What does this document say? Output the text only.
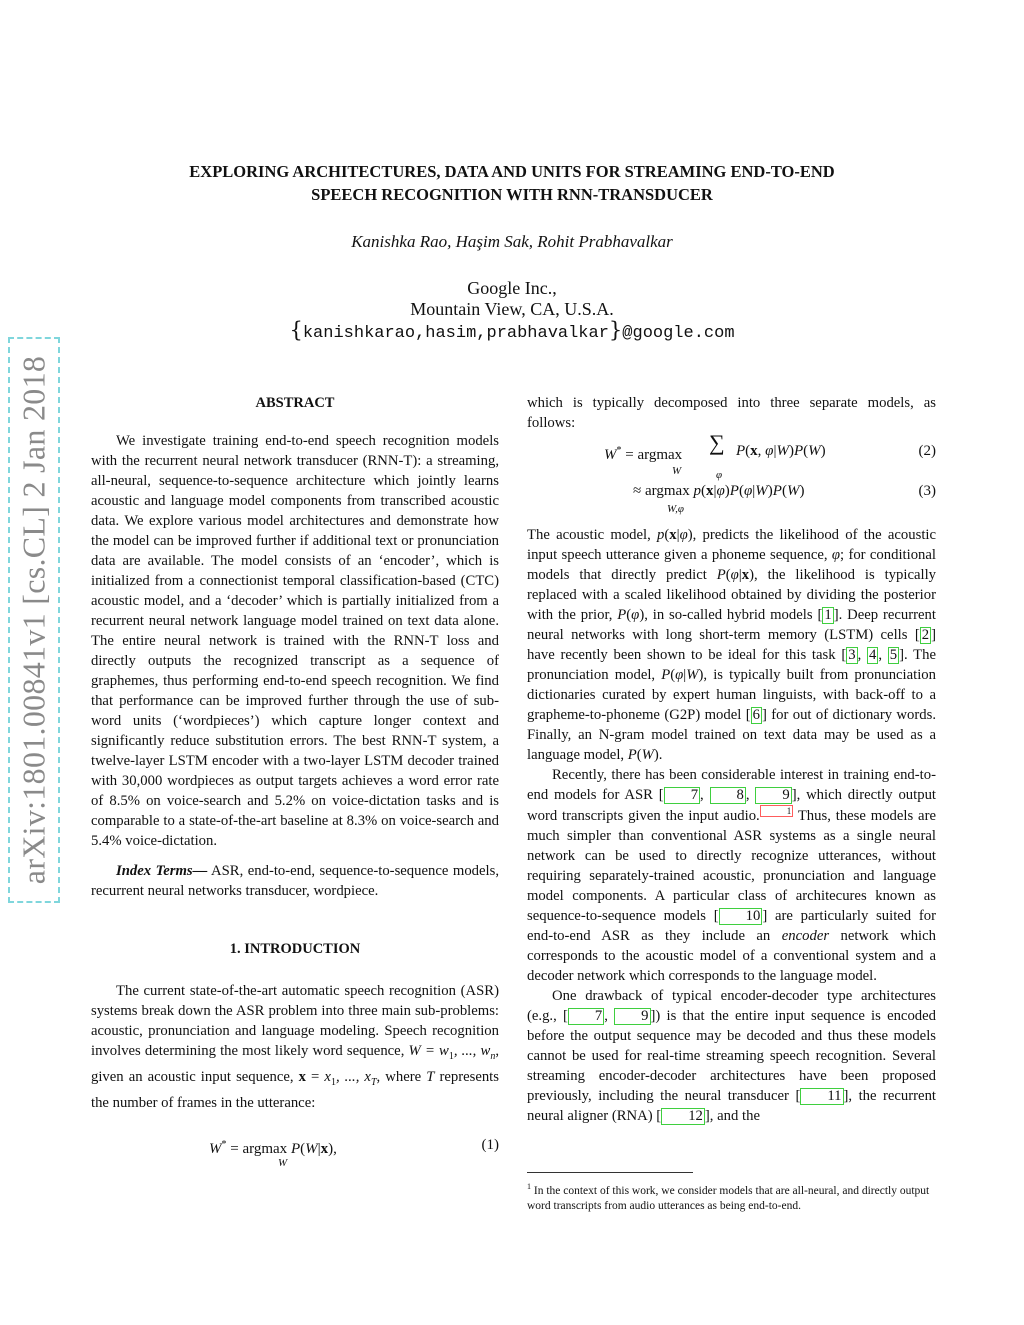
EXPLORING ARCHITECTURES, DATA AND UNITS FOR STREAMING END-TO-END
SPEECH RECOGNITION WITH RNN-TRANSDUCER
Kanishka Rao, Haşim Sak, Rohit Prabhavalkar
Google Inc.,
Mountain View, CA, U.S.A.
{kanishkarao,hasim,prabhavalkar}@google.com
arXiv:1801.00841v1 [cs.CL] 2 Jan 2018	ABSTRACT

We investigate training end-to-end speech recognition models with the recurrent neural network transducer (RNN-T): a streaming, all-neural, sequence-to-sequence architecture which jointly learns acoustic and language model components from transcribed acoustic data. We explore various model architectures and demonstrate how the model can be improved further if additional text or pronunciation data are available. The model consists of an ‘encoder’, which is initialized from a connectionist temporal classification-based (CTC) acoustic model, and a ‘decoder’ which is partially initialized from a recurrent neural network language model trained on text data alone. The entire neural network is trained with the RNN-T loss and directly outputs the recognized transcript as a sequence of graphemes, thus performing end-to-end speech recognition. We find that performance can be improved further through the use of sub-word units (‘wordpieces’) which capture longer context and significantly reduce substitution errors. The best RNN-T system, a twelve-layer LSTM encoder with a two-layer LSTM decoder trained with 30,000 wordpieces as output targets achieves a word error rate of 8.5% on voice-search and 5.2% on voice-dictation tasks and is comparable to a state-of-the-art baseline at 8.3% on voice-search and 5.4% voice-dictation.

Index Terms— ASR, end-to-end, sequence-to-sequence models, recurrent neural networks transducer, wordpiece.

1. INTRODUCTION

The current state-of-the-art automatic speech recognition (ASR) systems break down the ASR problem into three main sub-problems: acoustic, pronunciation and language modeling. Speech recognition involves determining the most likely word sequence, $W = w_1$, ..., $w_n$, given an acoustic input sequence, $x = x_1$, ..., $x_T$, where T represents the number of frames in the utterance:

W* = argmax P(W|x),
W
(1)

which is typically decomposed into three separate models, as follows:

W* = argmax ∑ P(x, φ|W)P(W)
W	φ
(2)
≈ argmax p(x|φ)P(φ|W)P(W)
W,φ
(3)

The acoustic model, p(x|φ), predicts the likelihood of the acoustic input speech utterance given a phoneme sequence, φ; for conditional models that directly predict P(φ|x), the likelihood is typically replaced with a scaled likelihood obtained by dividing the posterior with the prior, P(φ), in so-called hybrid models [ 1 ]. Deep recurrent neural networks with long short-term memory (LSTM) cells [ 2 ] have recently been shown to be ideal for this task [ 3 , 4 , 5 ]. The pronunciation model, P(φ|W), is typically built from pronunciation dictionaries curated by expert human linguists, with back-off to a grapheme-to-phoneme (G2P) model [ 6 ] for out of dictionary words. Finally, an N-gram model trained on text data may be used as a language model, P(W).

Recently, there has been considerable interest in training end-to-end models for ASR [ 7 , 8 , 9 ], which directly output word transcripts given the input audio.	1 Thus, these models are much simpler than conventional ASR systems as a single neural network can be used to directly recognize utterances, without requiring separately-trained acoustic, pronunciation and language model components. A particular class of architecures known as sequence-to-sequence models [ 10 ] are particularly suited for end-to-end ASR as they include an encoder network which corresponds to the acoustic model of a conventional system and a decoder network which corresponds to the language model.

One drawback of typical encoder-decoder type architectures (e.g., [ 7 , 9 ]) is that the entire input sequence is encoded before the output sequence may be decoded and thus these models cannot be used for real-time streaming speech recognition. Several streaming encoder-decoder architectures have been proposed previously, including the neural transducer [ 11 ], the recurrent neural aligner (RNA) [ 12 ], and the

$^1$ In the context of this work, we consider models that are all-neural, and directly output word transcripts from audio utterances as being end-to-end.
